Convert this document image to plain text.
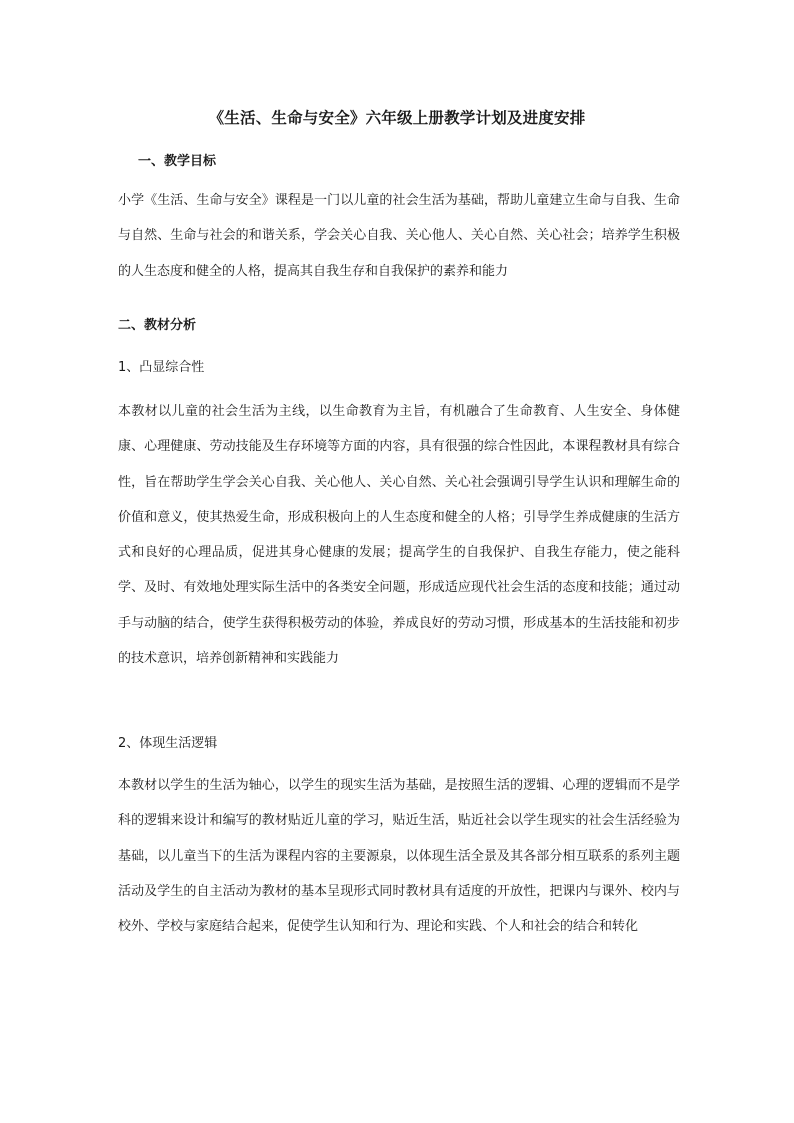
《生活、生命与安全》六年级上册教学计划及进度安排
一、教学目标
小学《生活、生命与安全》课程是一门以儿童的社会生活为基础，帮助儿童建立生命与自我、生命与自然、生命与社会的和谐关系，学会关心自我、关心他人、关心自然、关心社会；培养学生积极的人生态度和健全的人格，提高其自我生存和自我保护的素养和能力
二、教材分析
1、凸显综合性
本教材以儿童的社会生活为主线，以生命教育为主旨，有机融合了生命教育、人生安全、身体健康、心理健康、劳动技能及生存环境等方面的内容，具有很强的综合性因此，本课程教材具有综合性，旨在帮助学生学会关心自我、关心他人、关心自然、关心社会强调引导学生认识和理解生命的价值和意义，使其热爱生命，形成积极向上的人生态度和健全的人格；引导学生养成健康的生活方式和良好的心理品质，促进其身心健康的发展；提高学生的自我保护、自我生存能力，使之能科学、及时、有效地处理实际生活中的各类安全问题，形成适应现代社会生活的态度和技能；通过动手与动脑的结合，使学生获得积极劳动的体验，养成良好的劳动习惯，形成基本的生活技能和初步的技术意识，培养创新精神和实践能力
2、体现生活逻辑
本教材以学生的生活为轴心，以学生的现实生活为基础，是按照生活的逻辑、心理的逻辑而不是学科的逻辑来设计和编写的教材贴近儿童的学习，贴近生活，贴近社会以学生现实的社会生活经验为基础，以儿童当下的生活为课程内容的主要源泉，以体现生活全景及其各部分相互联系的系列主题活动及学生的自主活动为教材的基本呈现形式同时教材具有适度的开放性，把课内与课外、校内与校外、学校与家庭结合起来，促使学生认知和行为、理论和实践、个人和社会的结合和转化
